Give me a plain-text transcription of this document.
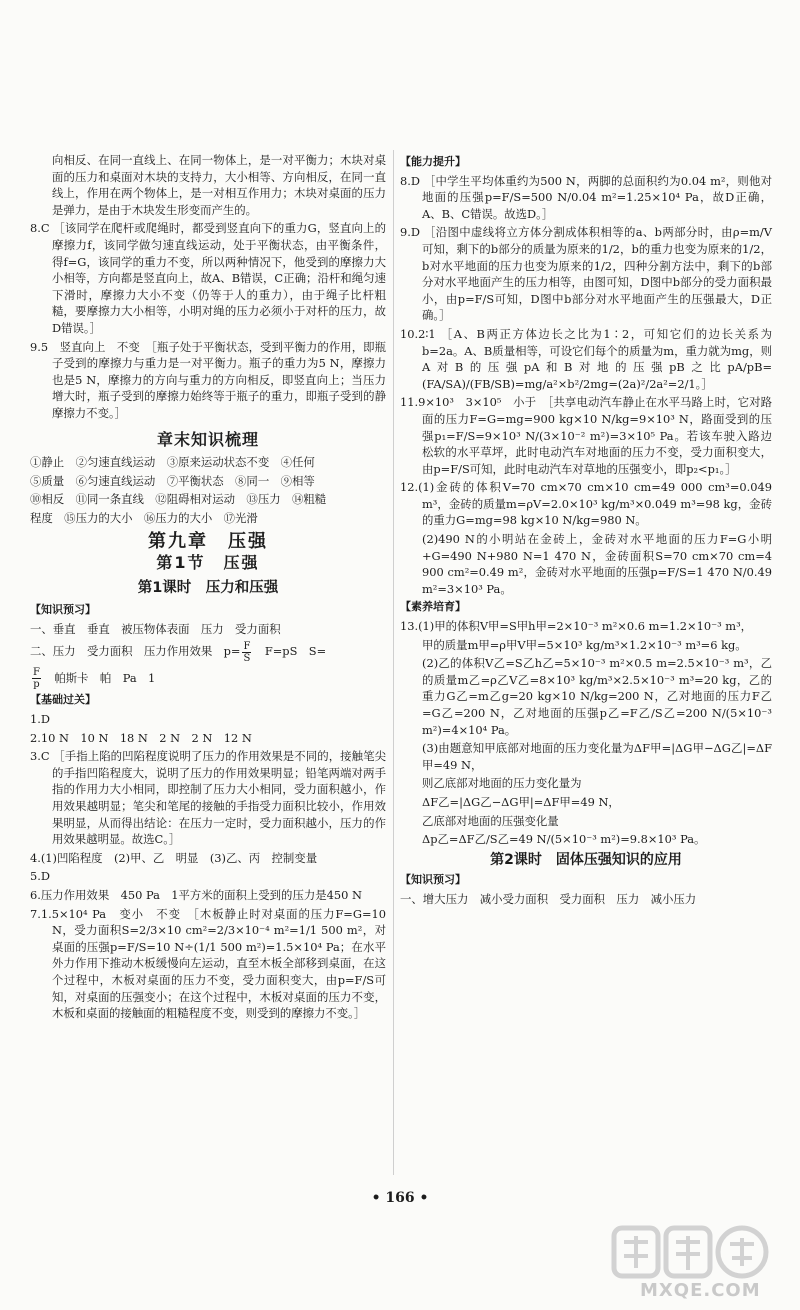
向相反、在同一直线上、在同一物体上，是一对平衡力；木块对桌面的压力和桌面对木块的支持力，大小相等、方向相反，在同一直线上，作用在两个物体上，是一对相互作用力；木块对桌面的压力是弹力，是由于木块发生形变而产生的。

8.C ［该同学在爬杆或爬绳时，都受到竖直向下的重力G，竖直向上的摩擦力f，该同学做匀速直线运动，处于平衡状态，由平衡条件，得f=G，该同学的重力不变，所以两种情况下，他受到的摩擦力大小相等，方向都是竖直向上，故A、B错误，C正确；沿杆和绳匀速下滑时，摩擦力大小不变（仍等于人的重力），由于绳子比杆粗糙，要摩擦力大小相等，小明对绳的压力必须小于对杆的压力，故D错误。］

9.5　竖直向上　不变　［瓶子处于平衡状态，受到平衡力的作用，即瓶子受到的摩擦力与重力是一对平衡力。瓶子的重力为5 N，摩擦力也是5 N，摩擦力的方向与重力的方向相反，即竖直向上；当压力增大时，瓶子受到的摩擦力始终等于瓶子的重力，即瓶子受到的静摩擦力不变。］

章末知识梳理

①静止　②匀速直线运动　③原来运动状态不变　④任何

⑤质量　⑥匀速直线运动　⑦平衡状态　⑧同一　⑨相等

⑩相反　⑪同一条直线　⑫阻碍相对运动　⑬压力　⑭粗糙

程度　⑮压力的大小　⑯压力的大小　⑰光滑

第九章　压强
第1节　压强
第1课时　压力和压强
【知识预习】

一、垂直　垂直　被压物体表面　压力　受力面积

二、压力　受力面积　压力作用效果　$p= \frac{F}{S}$ 　F=pS　S=

$\frac{F}{p}$ 　帕斯卡　帕　Pa　1

【基础过关】

1.D

2.10 N　10 N　18 N　2 N　2 N　12 N

3.C ［手指上陷的凹陷程度说明了压力的作用效果是不同的，接触笔尖的手指凹陷程度大，说明了压力的作用效果明显；铅笔两端对两手指的作用力大小相同，即控制了压力大小相同，受力面积越小，作用效果越明显；笔尖和笔尾的接触的手指受力面积比较小，作用效果明显，从而得出结论：在压力一定时，受力面积越小，压力的作用效果越明显。故选C。］

4.(1)凹陷程度　(2)甲、乙　明显　(3)乙、丙　控制变量

5.D

6.压力作用效果　450 Pa　1平方米的面积上受到的压力是450 N

7.1.5×10⁴ Pa　变小　不变　［木板静止时对桌面的压力F=G=10 N，受力面积S=2/3×10 cm²=2/3×10⁻⁴ m²=1/1 500 m²，对桌面的压强p=F/S=10 N÷(1/1 500 m²)=1.5×10⁴ Pa；在水平外力作用下推动木板缓慢向左运动，直至木板全部移到桌面，在这个过程中，木板对桌面的压力不变，受力面积变大，由p=F/S可知，对桌面的压强变小；在这个过程中，木板对桌面的压力不变，木板和桌面的接触面的粗糙程度不变，则受到的摩擦力不变。］

【能力提升】

8.D ［中学生平均体重约为500 N，两脚的总面积约为0.04 m²，则他对地面的压强p=F/S=500 N/0.04 m²=1.25×10⁴ Pa，故D正确，A、B、C错误。故选D。］

9.D ［沿图中虚线将立方体分割成体积相等的a、b两部分时，由ρ=m/V可知，剩下的b部分的质量为原来的1/2，b的重力也变为原来的1/2，b对水平地面的压力也变为原来的1/2，四种分割方法中，剩下的b部分对水平地面产生的压力相等，由图可知，D图中b部分的受力面积最小，由p=F/S可知，D图中b部分对水平地面产生的压强最大，D正确。］

10.2∶1 ［A、B两正方体边长之比为1∶2，可知它们的边长关系为b=2a。A、B质量相等，可设它们每个的质量为m，重力就为mg，则A对B的压强pA和B对地的压强pB之比pA/pB=(FA/SA)/(FB/SB)=mg/a²×b²/2mg=(2a)²/2a²=2/1。］

11.9×10³　3×10⁵　小于　［共享电动汽车静止在水平马路上时，它对路面的压力F=G=mg=900 kg×10 N/kg=9×10³ N，路面受到的压强p₁=F/S=9×10³ N/(3×10⁻² m²)=3×10⁵ Pa。若该车驶入路边松软的水平草坪，此时电动汽车对地面的压力不变，受力面积变大，由p=F/S可知，此时电动汽车对草地的压强变小，即p₂<p₁。］

12.(1)金砖的体积V=70 cm×70 cm×10 cm=49 000 cm³=0.049 m³，金砖的质量m=ρV=2.0×10³ kg/m³×0.049 m³=98 kg，金砖的重力G=mg=98 kg×10 N/kg=980 N。

(2)490 N的小明站在金砖上，金砖对水平地面的压力F=G小明+G=490 N+980 N=1 470 N，金砖面积S=70 cm×70 cm=4 900 cm²=0.49 m²，金砖对水平地面的压强p=F/S=1 470 N/0.49 m²=3×10³ Pa。

【素养培育】

13.(1)甲的体积V甲=S甲h甲=2×10⁻³ m²×0.6 m=1.2×10⁻³ m³，

甲的质量m甲=ρ甲V甲=5×10³ kg/m³×1.2×10⁻³ m³=6 kg。

(2)乙的体积V乙=S乙h乙=5×10⁻³ m²×0.5 m=2.5×10⁻³ m³，乙的质量m乙=ρ乙V乙=8×10³ kg/m³×2.5×10⁻³ m³=20 kg，乙的重力G乙=m乙g=20 kg×10 N/kg=200 N，乙对地面的压力F乙=G乙=200 N，乙对地面的压强p乙=F乙/S乙=200 N/(5×10⁻³ m²)=4×10⁴ Pa。

(3)由题意知甲底部对地面的压力变化量为ΔF甲=|ΔG甲−ΔG乙|=ΔF甲=49 N，

则乙底部对地面的压力变化量为

ΔF乙=|ΔG乙−ΔG甲|=ΔF甲=49 N，

乙底部对地面的压强变化量

Δp乙=ΔF乙/S乙=49 N/(5×10⁻³ m²)=9.8×10³ Pa。

第2课时　固体压强知识的应用
【知识预习】

一、增大压力　减小受力面积　受力面积　压力　减小压力

• 166 •
MXQE.COM
